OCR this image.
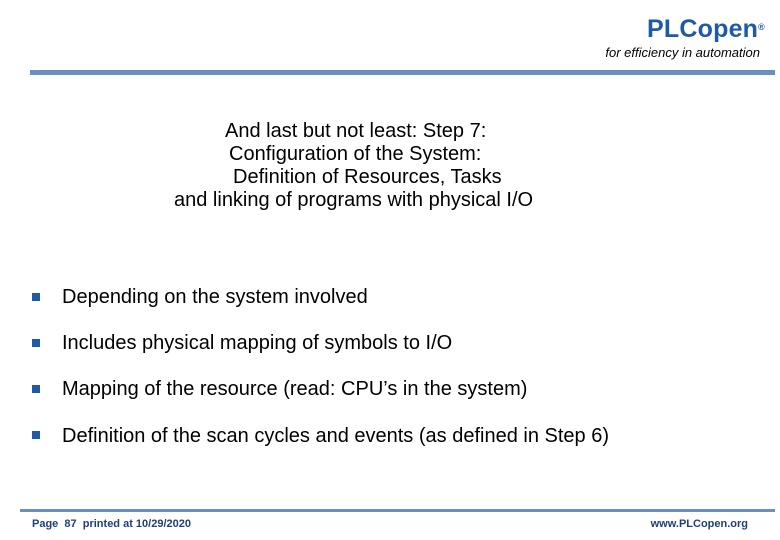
PLCopen®
for efficiency in automation
And last but not least: Step 7:
Configuration of the System:
Definition of Resources, Tasks
and linking of programs with physical I/O
Depending on the system involved
Includes physical mapping of symbols to I/O
Mapping of the resource (read: CPU’s in the system)
Definition of the scan cycles and events (as defined in Step 6)
Page  87  printed at 10/29/2020	www.PLCopen.org
